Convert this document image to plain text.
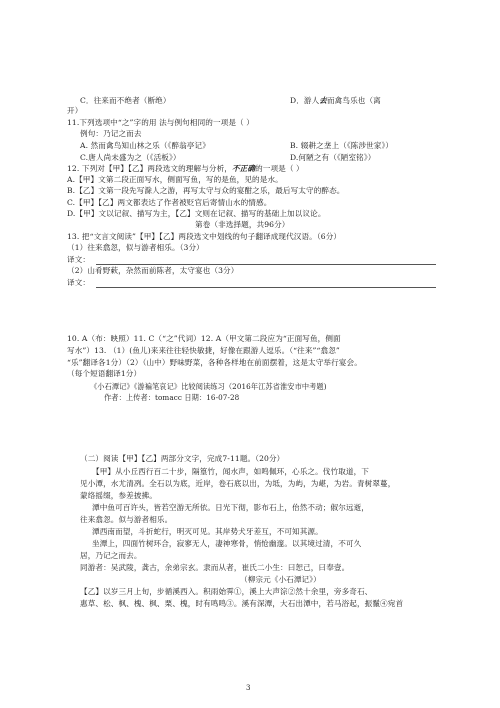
C．往来而不绝者（断绝）	D．游人去而禽鸟乐也（离
开）
11.下列选项中“之”字的用 法与例句相同的一项是（ ）
例句：乃记之而去
A. 然而禽鸟知山林之乐（《醉翁亭记》	B. 辍耕之垄上（《陈涉世家》）
C.唐人尚未盛为之（《活板》）	D.何陋之有（《陋室铭》）
12. 下列对【甲】【乙】两段选文的理解与分析，不正确的一项是（ ）
A.【甲】文第二段正面写水，侧面写鱼，写的是鱼，见的是水。
B.【乙】文第一段先写滁人之游，再写太守与众的宴酣之乐，最后写太守的醉态。
C.【甲】【乙】两文都表达了作者被贬官后寄情山水的情感。
D.【甲】文以记叙、描写为主，【乙】文则在记叙、描写的基础上加以议论。
第卷（非选择题，共96分）
13. 把“文言文阅读”【甲】【乙】两段选文中划线的句子翻译成现代汉语。（6分）
（1）往来翕忽，似与游者相乐。（3分）
译文：
（2）山肴野蔌，杂然而前陈者，太守宴也（3分）
译文：
10. A（布：映照）11. C（“之”代词）12. A（甲文第二段应为“正面写鱼，侧面
写水”）13. （1）(鱼儿)来来往往轻快敏捷，好像在跟游人逗乐。（“往来”“翕忽”
“乐”翻译各1分）（2）（山中）野味野菜，各种各样地在前面摆着，这是太守举行宴会。
（每个短语翻译1分）
《小石潭记》《游褊笔哀记》比较阅读练习（2016年江苏省淮安市中考题)
作者：上传者：tomacc 日期：16-07-28
（二）阅读【甲】【乙】两部分文字，完成7-11题。（20分）
【甲】从小丘西行百二十步，隔篁竹，闻水声，如鸣佩环，心乐之。伐竹取道，下
见小潭，水尤清冽。全石以为底，近岸，卷石底以出，为坻，为屿，为嵁，为岩。青树翠蔓，
蒙络摇缀，参差披拂。
潭中鱼可百许头，皆若空游无所依。日光下彻，影布石上，佁然不动；俶尔远逝，
往来翕忽。似与游者相乐。
潭西南而望，斗折蛇行，明灭可见。其岸势犬牙差互，不可知其源。
坐潭上，四面竹树环合，寂寥无人，凄神寒骨，悄怆幽邃。以其境过清，不可久
居，乃记之而去。
同游者：吴武陵，龚古，余弟宗玄。隶而从者，崔氏二小生：曰恕己，曰奉壹。
（柳宗元《小石潭记》）
【乙】以岁三月上旬，步循溪西入。积雨始霁①，溪上大声淙②然十余里，旁多奇石、
惠草、松、枫、槐、枫、栗、槐，时有鸣鸣③。溪有深潭，大石出潭中，若马浴起，振鬣④宛首
3
